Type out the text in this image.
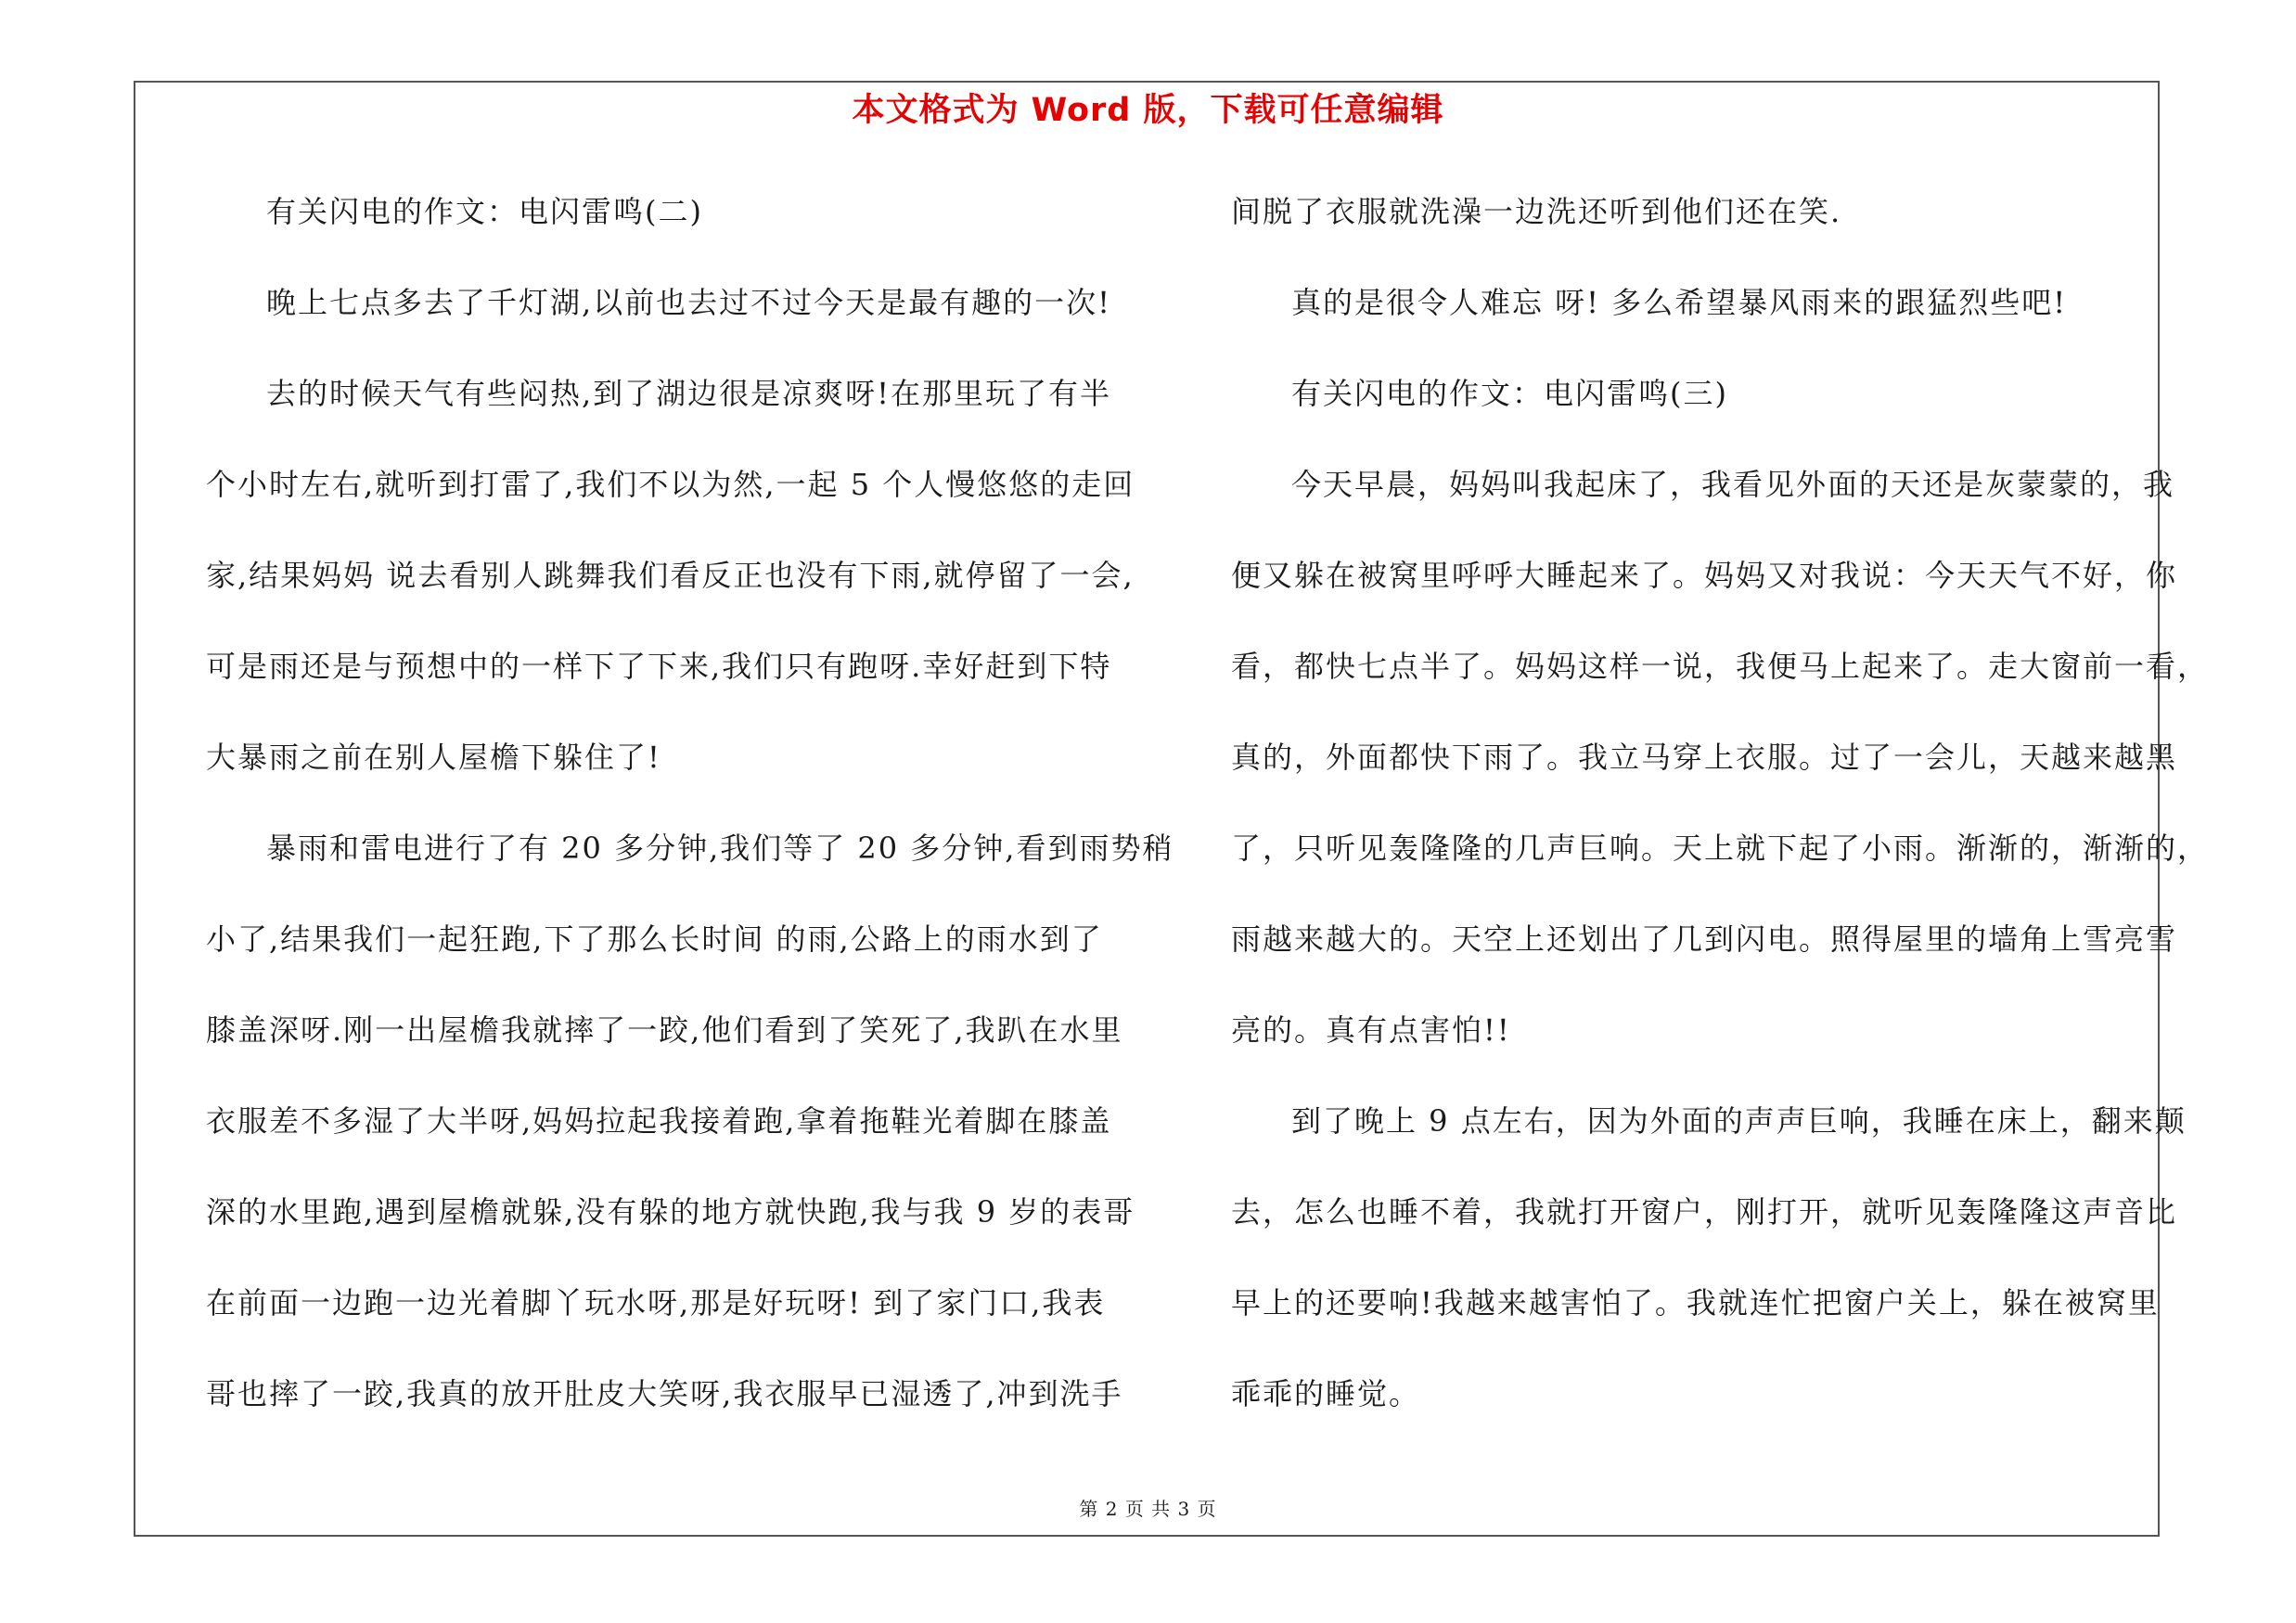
本文格式为 Word 版，下载可任意编辑
有关闪电的作文：电闪雷鸣(二)
晚上七点多去了千灯湖,以前也去过不过今天是最有趣的一次!
去的时候天气有些闷热,到了湖边很是凉爽呀!在那里玩了有半
个小时左右,就听到打雷了,我们不以为然,一起 5 个人慢悠悠的走回
家,结果妈妈 说去看别人跳舞我们看反正也没有下雨,就停留了一会,
可是雨还是与预想中的一样下了下来,我们只有跑呀.幸好赶到下特
大暴雨之前在别人屋檐下躲住了!
暴雨和雷电进行了有 20 多分钟,我们等了 20 多分钟,看到雨势稍
小了,结果我们一起狂跑,下了那么长时间 的雨,公路上的雨水到了
膝盖深呀.刚一出屋檐我就摔了一跤,他们看到了笑死了,我趴在水里
衣服差不多湿了大半呀,妈妈拉起我接着跑,拿着拖鞋光着脚在膝盖
深的水里跑,遇到屋檐就躲,没有躲的地方就快跑,我与我 9 岁的表哥
在前面一边跑一边光着脚丫玩水呀,那是好玩呀! 到了家门口,我表
哥也摔了一跤,我真的放开肚皮大笑呀,我衣服早已湿透了,冲到洗手
间脱了衣服就洗澡一边洗还听到他们还在笑.
真的是很令人难忘 呀! 多么希望暴风雨来的跟猛烈些吧!
有关闪电的作文：电闪雷鸣(三)
今天早晨，妈妈叫我起床了，我看见外面的天还是灰蒙蒙的，我
便又躲在被窝里呼呼大睡起来了。妈妈又对我说：今天天气不好，你
看，都快七点半了。妈妈这样一说，我便马上起来了。走大窗前一看，
真的，外面都快下雨了。我立马穿上衣服。过了一会儿，天越来越黑
了，只听见轰隆隆的几声巨响。天上就下起了小雨。渐渐的，渐渐的，
雨越来越大的。天空上还划出了几到闪电。照得屋里的墙角上雪亮雪
亮的。真有点害怕!!
到了晚上 9 点左右，因为外面的声声巨响，我睡在床上，翻来颠
去，怎么也睡不着，我就打开窗户，刚打开，就听见轰隆隆这声音比
早上的还要响!我越来越害怕了。我就连忙把窗户关上，躲在被窝里
乖乖的睡觉。
第 2 页 共 3 页
